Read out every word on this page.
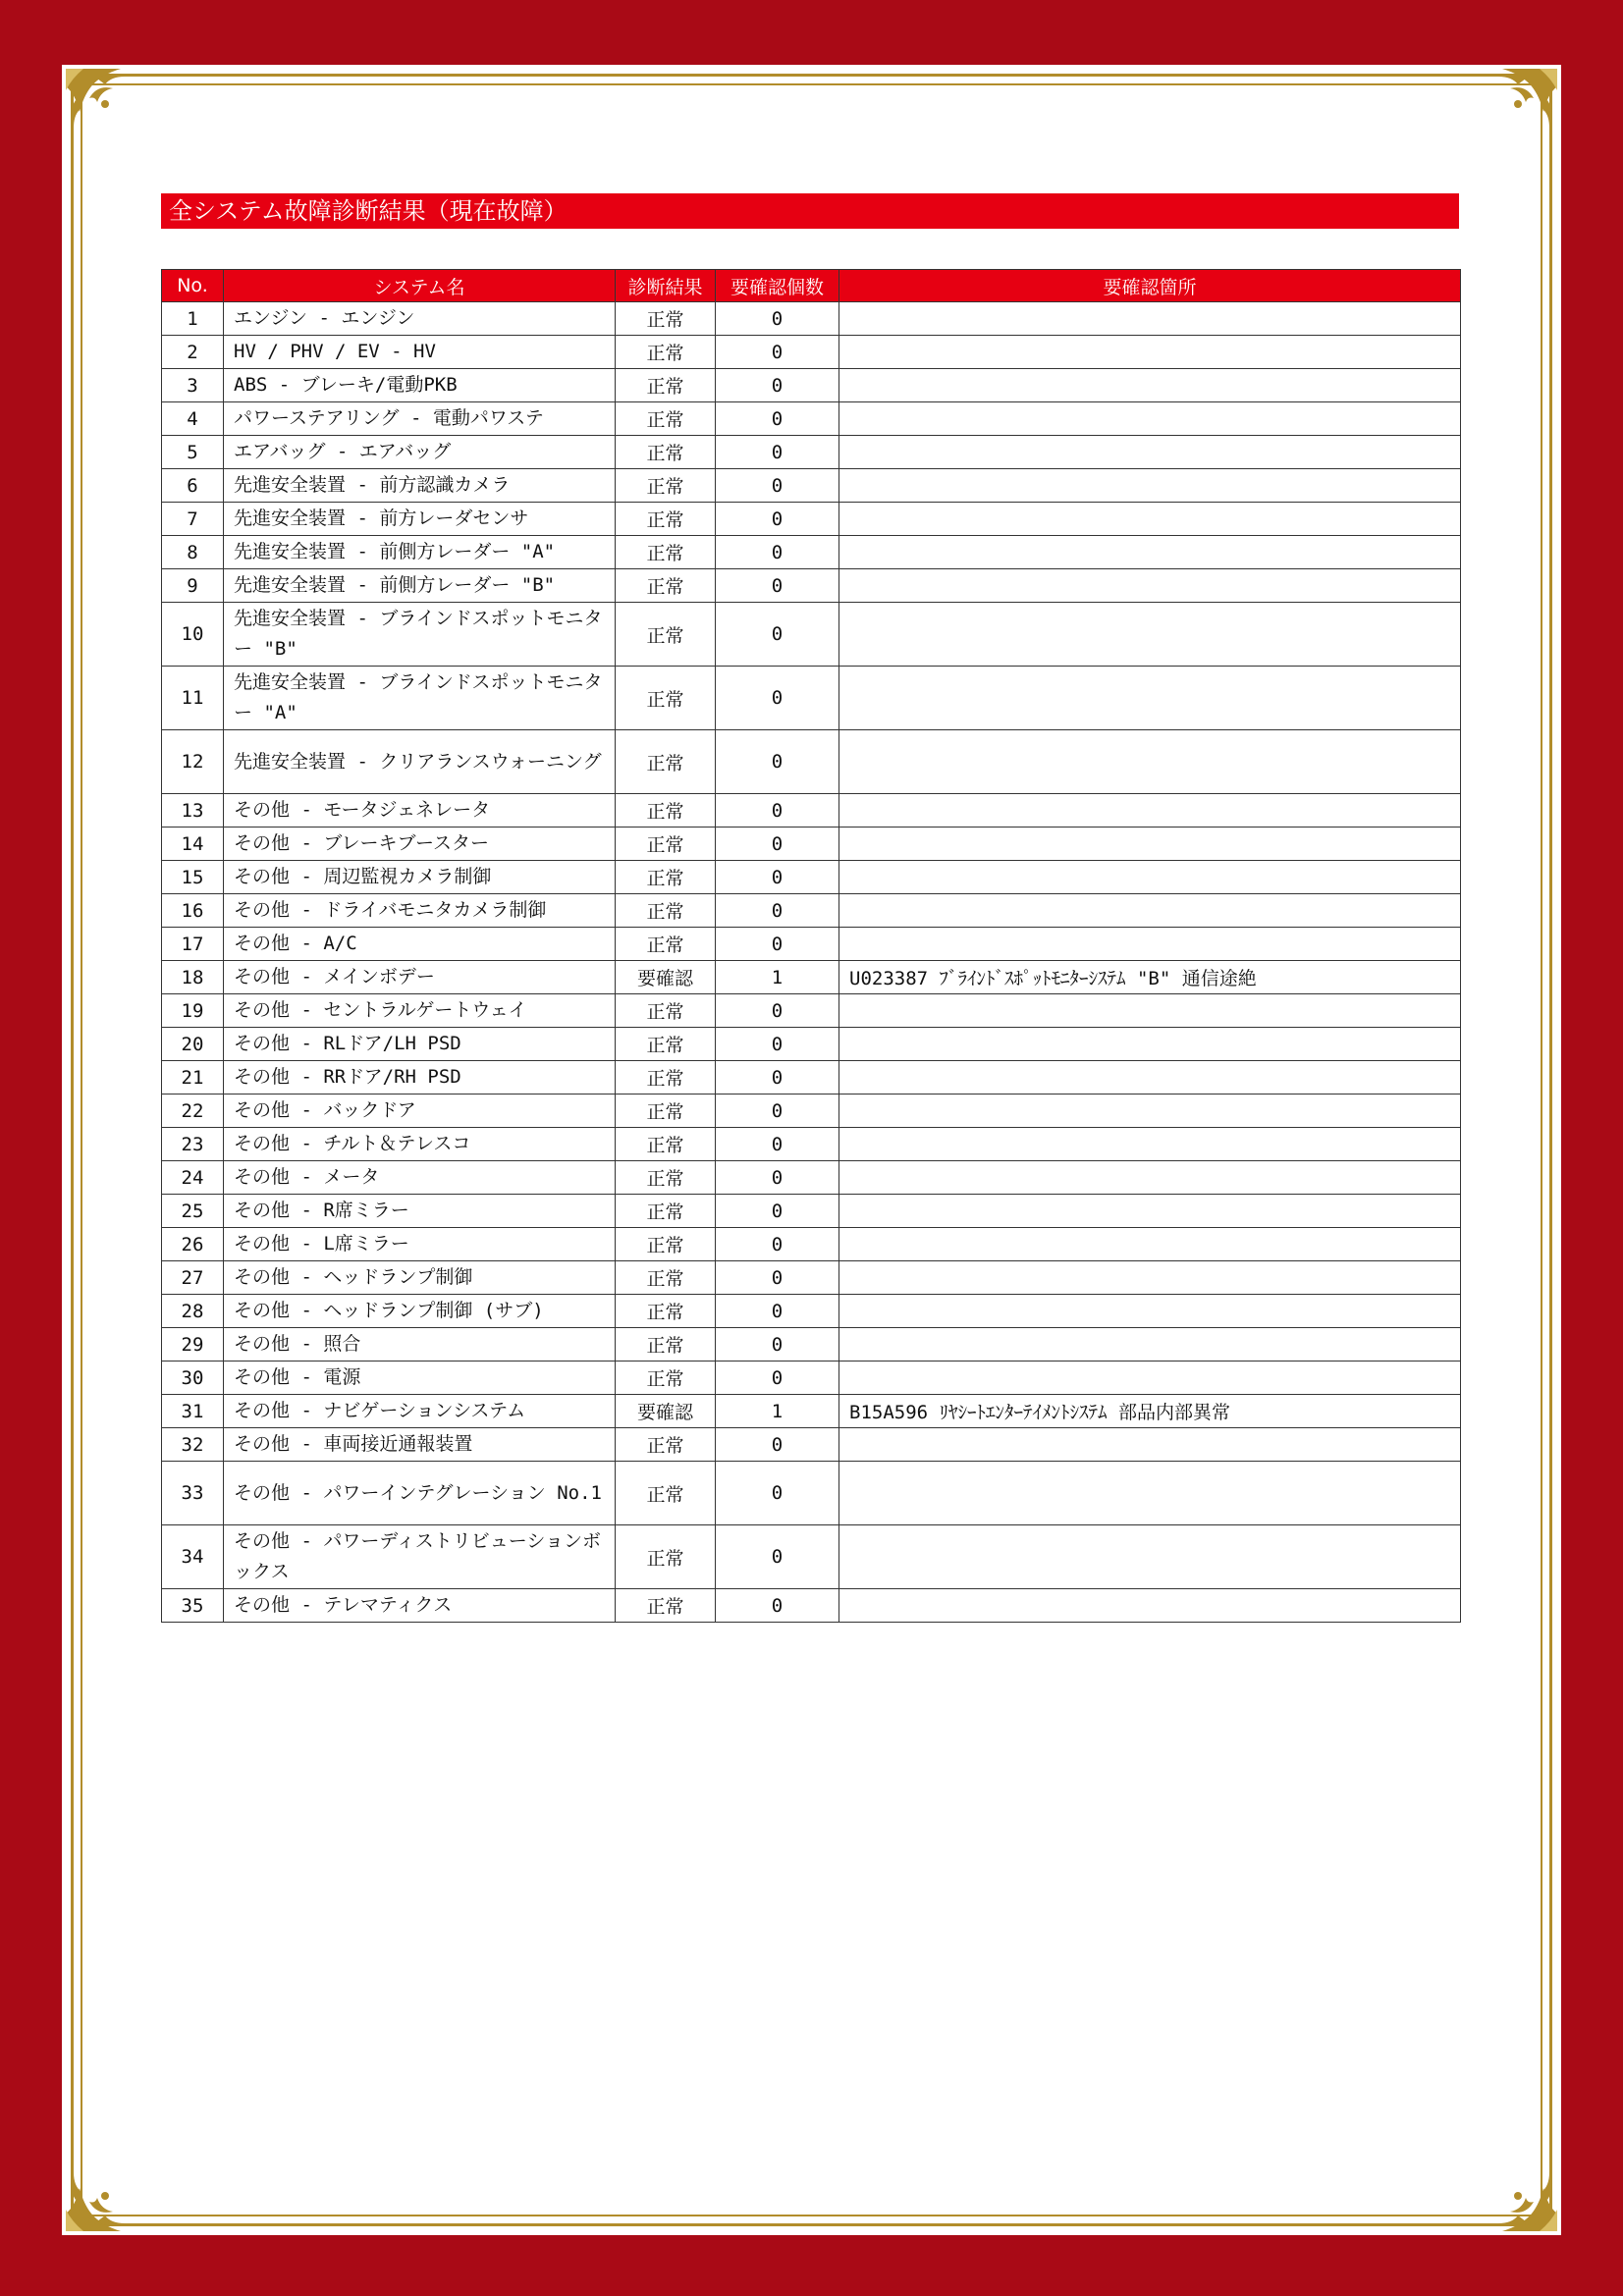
全システム故障診断結果（現在故障）
No.	システム名	診断結果	要確認個数	要確認箇所
1	エンジン - エンジン	正常	0	
2	HV / PHV / EV - HV	正常	0	
3	ABS - ブレーキ/電動PKB	正常	0	
4	パワーステアリング - 電動パワステ	正常	0	
5	エアバッグ - エアバッグ	正常	0	
6	先進安全装置 - 前方認識カメラ	正常	0	
7	先進安全装置 - 前方レーダセンサ	正常	0	
8	先進安全装置 - 前側方レーダー "A"	正常	0	
9	先進安全装置 - 前側方レーダー "B"	正常	0	
10	先進安全装置 - ブラインドスポットモニター "B"	正常	0	
11	先進安全装置 - ブラインドスポットモニター "A"	正常	0	
12	先進安全装置 - クリアランスウォーニング	正常	0	
13	その他 - モータジェネレータ	正常	0	
14	その他 - ブレーキブースター	正常	0	
15	その他 - 周辺監視カメラ制御	正常	0	
16	その他 - ドライバモニタカメラ制御	正常	0	
17	その他 - A/C	正常	0	
18	その他 - メインボデー	要確認	1	U023387 ﾌﾞﾗｲﾝﾄﾞｽﾎﾟｯﾄﾓﾆﾀｰｼｽﾃﾑ "B" 通信途絶
19	その他 - セントラルゲートウェイ	正常	0	
20	その他 - RLドア/LH PSD	正常	0	
21	その他 - RRドア/RH PSD	正常	0	
22	その他 - バックドア	正常	0	
23	その他 - チルト＆テレスコ	正常	0	
24	その他 - メータ	正常	0	
25	その他 - R席ミラー	正常	0	
26	その他 - L席ミラー	正常	0	
27	その他 - ヘッドランプ制御	正常	0	
28	その他 - ヘッドランプ制御 (サブ)	正常	0	
29	その他 - 照合	正常	0	
30	その他 - 電源	正常	0	
31	その他 - ナビゲーションシステム	要確認	1	B15A596 ﾘﾔｼｰﾄｴﾝﾀｰﾃｲﾒﾝﾄｼｽﾃﾑ 部品内部異常
32	その他 - 車両接近通報装置	正常	0	
33	その他 - パワーインテグレーション No.1	正常	0	
34	その他 - パワーディストリビューションボックス	正常	0	
35	その他 - テレマティクス	正常	0	
